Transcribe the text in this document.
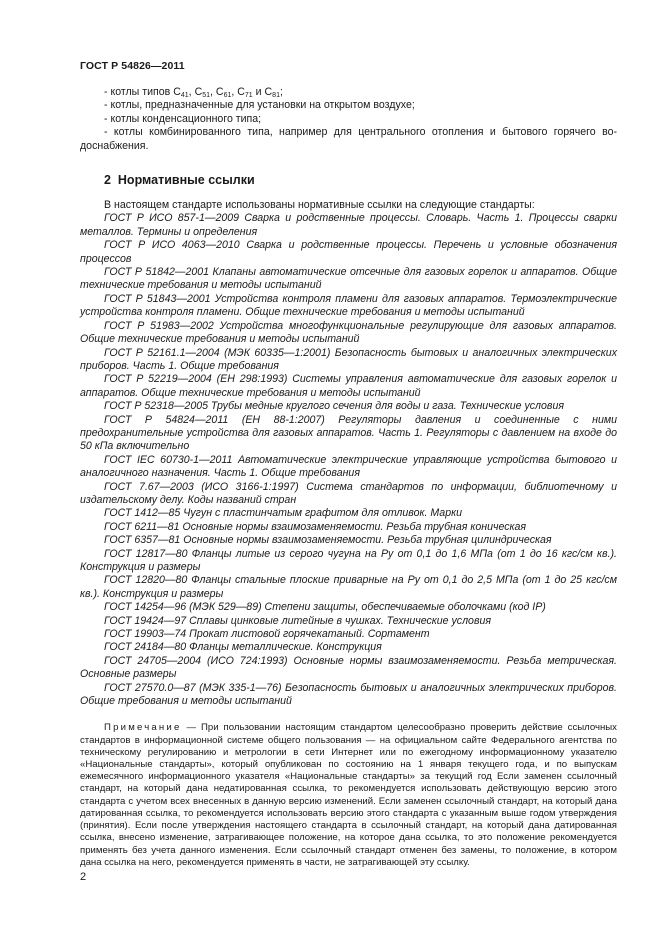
ГОСТ Р 54826—2011

- котлы типов $C_{41}$, $C_{51}$, $C_{61}$, $C_{71}$ и $C_{81}$;

- котлы, предназначенные для установки на открытом воздухе;

- котлы конденсационного типа;

- котлы комбинированного типа, например для центрального отопления и бытового горячего во-доснабжения.

2 Нормативные ссылки

В настоящем стандарте использованы нормативные ссылки на следующие стандарты:

ГОСТ Р ИСО 857-1—2009 Сварка и родственные процессы. Словарь. Часть 1. Процессы сварки металлов. Термины и определения

ГОСТ Р ИСО 4063—2010 Сварка и родственные процессы. Перечень и условные обозначения процессов

ГОСТ Р 51842—2001 Клапаны автоматические отсечные для газовых горелок и аппаратов. Общие технические требования и методы испытаний

ГОСТ Р 51843—2001 Устройства контроля пламени для газовых аппаратов. Термоэлектрические устройства контроля пламени. Общие технические требования и методы испытаний

ГОСТ Р 51983—2002 Устройства многофункциональные регулирующие для газовых аппаратов. Общие технические требования и методы испытаний

ГОСТ Р 52161.1—2004 (МЭК 60335—1:2001) Безопасность бытовых и аналогичных электрических приборов. Часть 1. Общие требования

ГОСТ Р 52219—2004 (ЕН 298:1993) Системы управления автоматические для газовых горелок и аппаратов. Общие технические требования и методы испытаний

ГОСТ Р 52318—2005 Трубы медные круглого сечения для воды и газа. Технические условия

ГОСТ Р 54824—2011 (ЕН 88-1:2007) Регуляторы давления и соединенные с ними предохранительные устройства для газовых аппаратов. Часть 1. Регуляторы с давлением на входе до 50 кПа включительно

ГОСТ IEC 60730-1—2011 Автоматические электрические управляющие устройства бытового и аналогичного назначения. Часть 1. Общие требования

ГОСТ 7.67—2003 (ИСО 3166-1:1997) Система стандартов по информации, библиотечному и издательскому делу. Коды названий стран

ГОСТ 1412—85 Чугун с пластинчатым графитом для отливок. Марки

ГОСТ 6211—81 Основные нормы взаимозаменяемости. Резьба трубная коническая

ГОСТ 6357—81 Основные нормы взаимозаменяемости. Резьба трубная цилиндрическая

ГОСТ 12817—80 Фланцы литые из серого чугуна на Ру от 0,1 до 1,6 МПа (от 1 до 16 кгс/см кв.). Конструкция и размеры

ГОСТ 12820—80 Фланцы стальные плоские приварные на Ру от 0,1 до 2,5 МПа (от 1 до 25 кгс/см кв.). Конструкция и размеры

ГОСТ 14254—96 (МЭК 529—89) Степени защиты, обеспечиваемые оболочками (код IP)

ГОСТ 19424—97 Сплавы цинковые литейные в чушках. Технические условия

ГОСТ 19903—74 Прокат листовой горячекатаный. Сортамент

ГОСТ 24184—80 Фланцы металлические. Конструкция

ГОСТ 24705—2004 (ИСО 724:1993) Основные нормы взаимозаменяемости. Резьба метрическая. Основные размеры

ГОСТ 27570.0—87 (МЭК 335-1—76) Безопасность бытовых и аналогичных электрических приборов. Общие требования и методы испытаний

Примечание — При пользовании настоящим стандартом целесообразно проверить действие ссылочных стандартов в информационной системе общего пользования — на официальном сайте Федерального агентства по техническому регулированию и метрологии в сети Интернет или по ежегодному информационному указателю «Национальные стандарты», который опубликован по состоянию на 1 января текущего года, и по выпускам ежемесячного информационного указателя «Национальные стандарты» за текущий год Если заменен ссылочный стандарт, на который дана недатированная ссылка, то рекомендуется использовать действующую версию этого стандарта с учетом всех внесенных в данную версию изменений. Если заменен ссылочный стандарт, на который дана датированная ссылка, то рекомендуется использовать версию этого стандарта с указанным выше годом утверждения (принятия). Если после утверждения настоящего стандарта в ссылочный стандарт, на который дана датированная ссылка, внесено изменение, затрагивающее положение, на которое дана ссылка, то это положение рекомендуется применять без учета данного изменения. Если ссылочный стандарт отменен без замены, то положение, в котором дана ссылка на него, рекомендуется применять в части, не затрагивающей эту ссылку.

2
